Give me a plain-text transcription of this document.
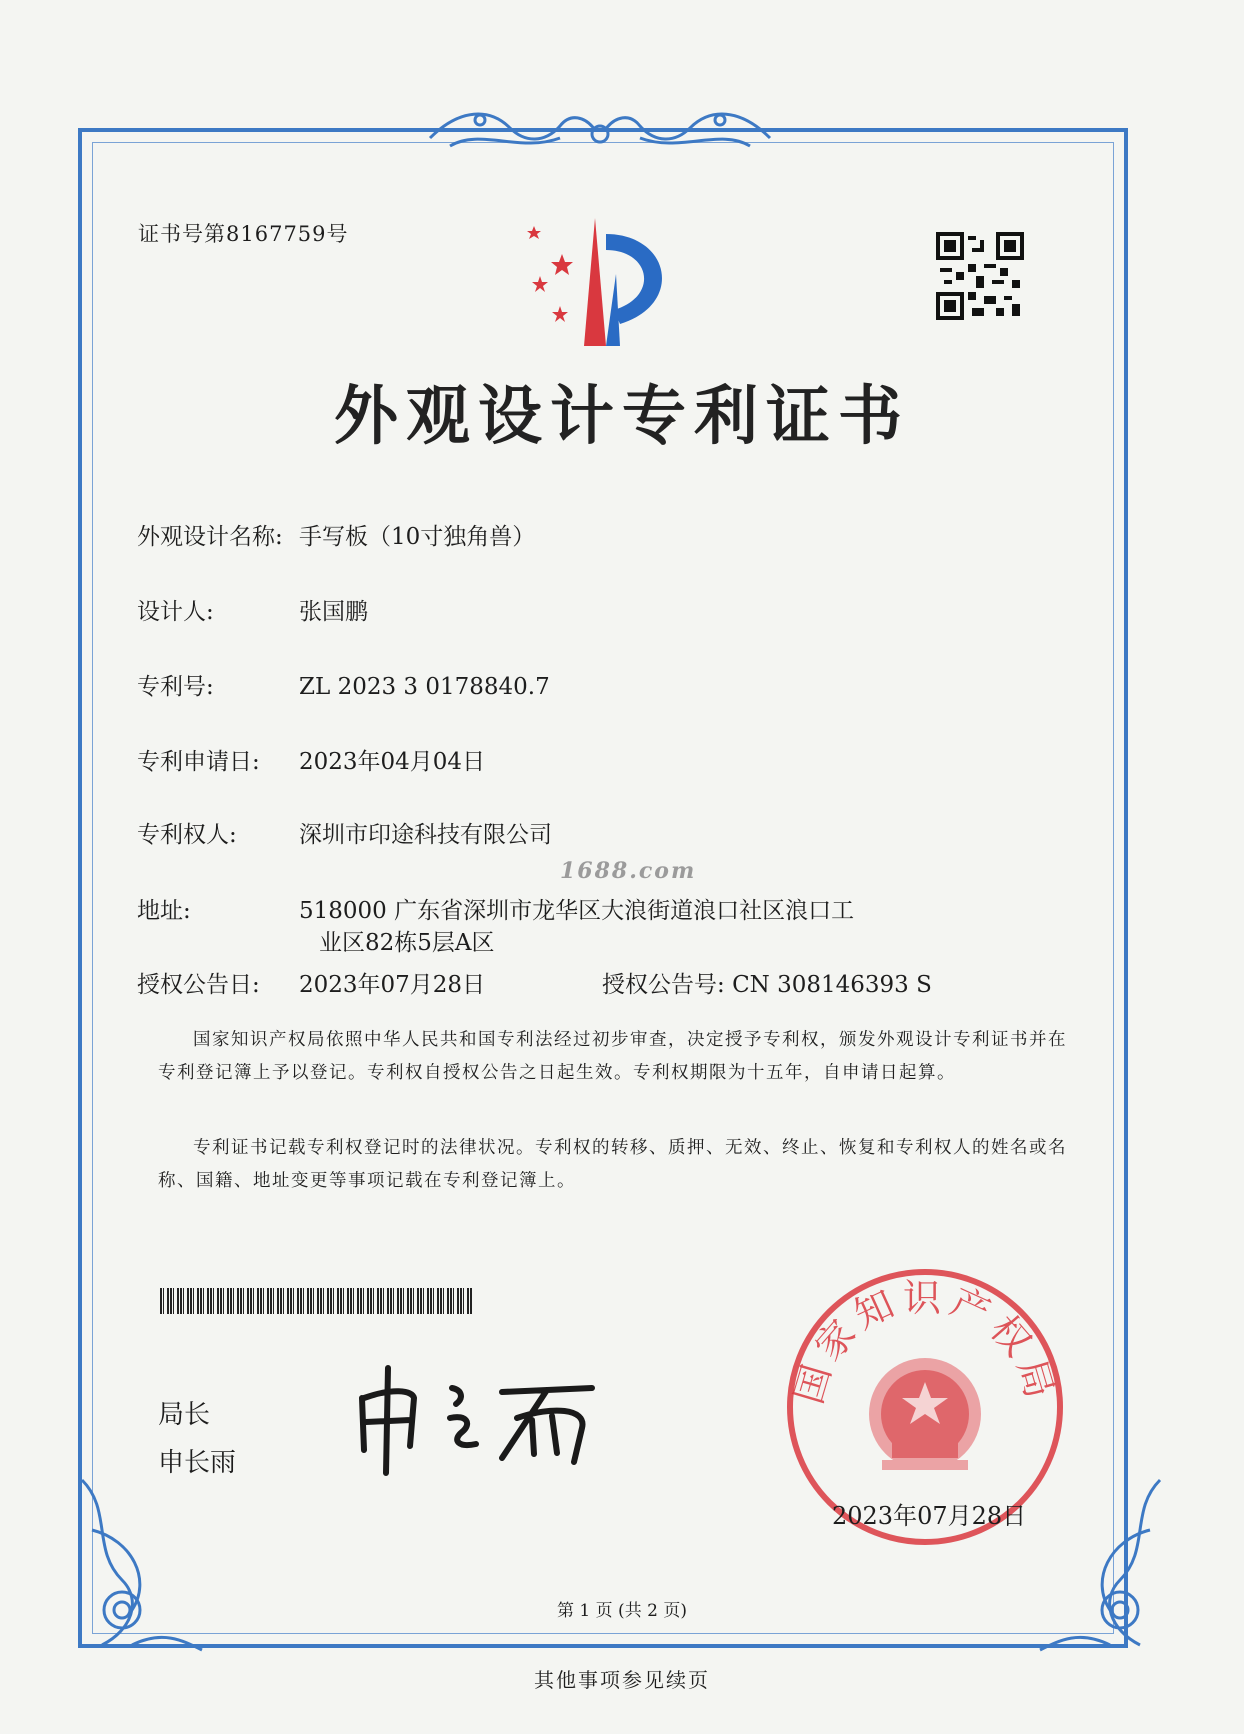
证书号第8167759号
外观设计专利证书
外观设计名称: 手写板（10寸独角兽）
设计人:	张国鹏
专利号:	ZL 2023 3 0178840.7
专利申请日: 2023年04月04日
专利权人:	深圳市印途科技有限公司
1688.com
地址:	518000 广东省深圳市龙华区大浪街道浪口社区浪口工
业区82栋5层A区
授权公告日: 2023年07月28日	授权公告号: CN 308146393 S
国家知识产权局依照中华人民共和国专利法经过初步审查，决定授予专利权，颁发外观设计专利证书并在专利登记簿上予以登记。专利权自授权公告之日起生效。专利权期限为十五年，自申请日起算。
专利证书记载专利权登记时的法律状况。专利权的转移、质押、无效、终止、恢复和专利权人的姓名或名称、国籍、地址变更等事项记载在专利登记簿上。
局长
申长雨
国家知识产权局
2023年07月28日
第 1 页 (共 2 页)
其他事项参见续页
